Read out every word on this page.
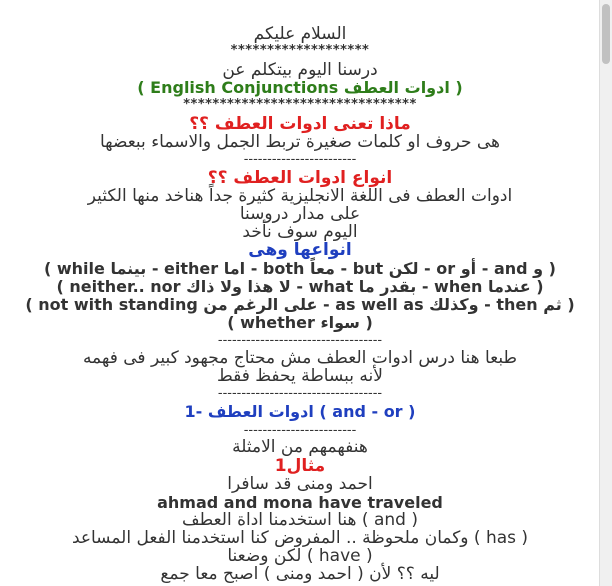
السلام عليكم
*******************
درسنا اليوم بيتكلم عن
( English Conjunctions ادوات العطف )
********************************
ماذا تعنى ادوات العطف ؟؟
هى حروف او كلمات صغيرة تربط الجمل والاسماء ببعضها
------------------------
انواع ادوات العطف ؟؟
ادوات العطف فى اللغة الانجليزية كثيرة جداً هناخد منها الكثير
على مدار دروسنا
اليوم سوف نأخد
انواعها وهى
( while بينما - either اما - both معاً - but لكن - or أو - and و )
( neither.. nor لا هذا ولا ذاك - what بقدر ما - when عندما )
( not with standing على الرغم من - as well as وكذلك - then ثم )
( whether سواء )
-----------------------------------
طبعا هنا درس ادوات العطف مش محتاج مجهود كبير فى فهمه
لأنه ببساطة يحفظ فقط
-----------------------------------
1- ادوات العطف ( and - or )
------------------------
هنفهمهم من الامثلة
مثال1
احمد ومنى قد سافرا
ahmad and mona have traveled
هنا استخدمنا اداة العطف ( and )
وكمان ملحوظة .. المفروض كنا استخدمنا الفعل المساعد ( has )
لكن وضعنا ( have )
ليه ؟؟ لأن ( احمد ومنى ) اصبح معا جمع
